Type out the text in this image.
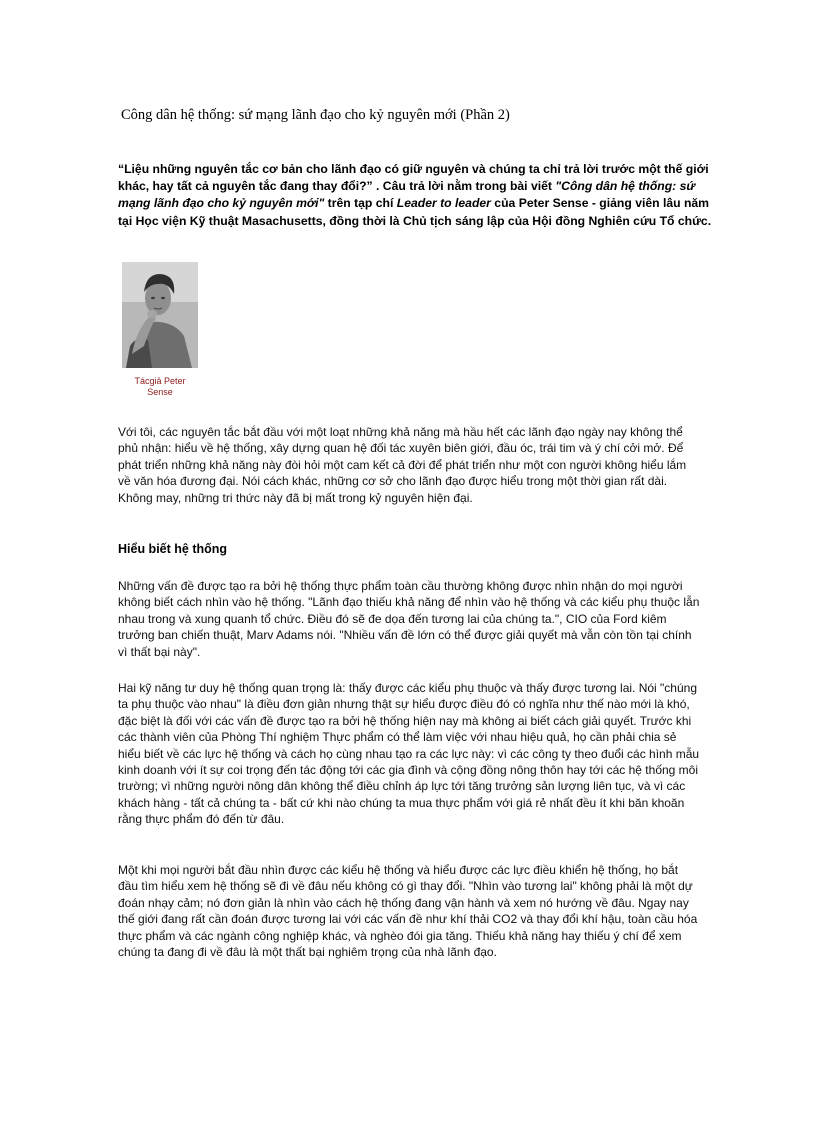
Công dân hệ thống: sứ mạng lãnh đạo cho kỷ nguyên mới (Phần 2)

“Liệu những nguyên tắc cơ bản cho lãnh đạo có giữ nguyên và chúng ta chỉ trả lời trước một thế giới khác, hay tất cả nguyên tắc đang thay đổi?” . Câu trả lời nằm trong bài viết "Công dân hệ thống: sứ mạng lãnh đạo cho kỷ nguyên mới" trên tạp chí Leader to leader của Peter Sense - giảng viên lâu năm tại Học viện Kỹ thuật Masachusetts, đồng thời là Chủ tịch sáng lập của Hội đồng Nghiên cứu Tổ chức.

Tácgiả Peter Sense

Với tôi, các nguyên tắc bắt đầu với một loạt những khả năng mà hầu hết các lãnh đạo ngày nay không thể phủ nhận: hiểu về hệ thống, xây dựng quan hệ đối tác xuyên biên giới, đầu óc, trái tim và ý chí cởi mở. Để phát triển những khả năng này đòi hỏi một cam kết cả đời để phát triển như một con người không hiểu lắm về văn hóa đương đại. Nói cách khác, những cơ sở cho lãnh đạo được hiểu trong một thời gian rất dài. Không may, những tri thức này đã bị mất trong kỷ nguyên hiện đại.

Hiểu biết hệ thống

Những vấn đề được tạo ra bởi hệ thống thực phẩm toàn cầu thường không được nhìn nhận do mọi người không biết cách nhìn vào hệ thống. "Lãnh đạo thiếu khả năng để nhìn vào hệ thống và các kiểu phụ thuộc lẫn nhau trong và xung quanh tổ chức. Điều đó sẽ đe dọa đến tương lai của chúng ta.", CIO của Ford kiêm trưởng ban chiến thuật, Marv Adams nói. "Nhiều vấn đề lớn có thể được giải quyết mà vẫn còn tồn tại chính vì thất bại này".

Hai kỹ năng tư duy hệ thống quan trọng là: thấy được các kiểu phụ thuộc và thấy được tương lai. Nói "chúng ta phụ thuộc vào nhau" là điều đơn giản nhưng thật sự hiểu được điều đó có nghĩa như thế nào mới là khó, đặc biệt là đối với các vấn đề được tạo ra bởi hệ thống hiện nay mà không ai biết cách giải quyết. Trước khi các thành viên của Phòng Thí nghiệm Thực phẩm có thể làm việc với nhau hiệu quả, họ cần phải chia sẻ hiểu biết về các lực hệ thống và cách họ cùng nhau tạo ra các lực này: vì các công ty theo đuổi các hình mẫu kinh doanh với ít sự coi trọng đến tác động tới các gia đình và cộng đồng nông thôn hay tới các hệ thống môi trường; vì những người nông dân không thể điều chỉnh áp lực tới tăng trưởng sản lượng liên tục, và vì các khách hàng - tất cả chúng ta - bất cứ khi nào chúng ta mua thực phẩm với giá rẻ nhất đều ít khi băn khoăn rằng thực phẩm đó đến từ đâu.

Một khi mọi người bắt đầu nhìn được các kiểu hệ thống và hiểu được các lực điều khiển hệ thống, họ bắt đầu tìm hiểu xem hệ thống sẽ đi về đâu nếu không có gì thay đổi. "Nhìn vào tương lai" không phải là một dự đoán nhạy cảm; nó đơn giản là nhìn vào cách hệ thống đang vận hành và xem nó hướng về đâu. Ngay nay thế giới đang rất cần đoán được tương lai với các vấn đề như khí thải CO2 và thay đổi khí hậu, toàn cầu hóa thực phẩm và các ngành công nghiệp khác, và nghèo đói gia tăng. Thiếu khả năng hay thiếu ý chí để xem chúng ta đang đi về đâu là một thất bại nghiêm trọng của nhà lãnh đạo.
